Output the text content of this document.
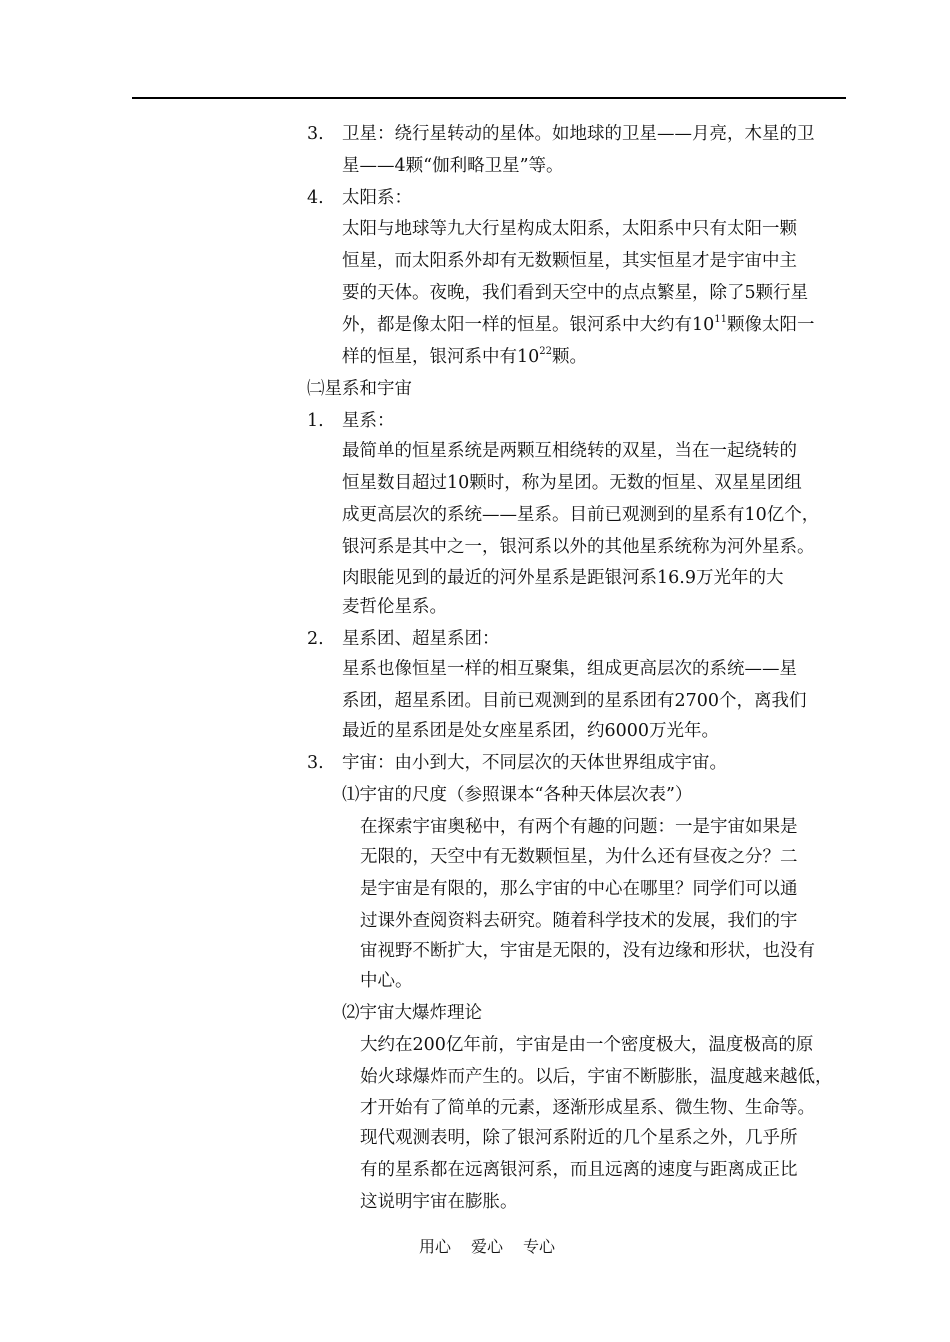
3. 卫星：绕行星转动的星体。如地球的卫星——月亮，木星的卫
星——4颗“伽利略卫星”等。
4. 太阳系：
太阳与地球等九大行星构成太阳系，太阳系中只有太阳一颗
恒星，而太阳系外却有无数颗恒星，其实恒星才是宇宙中主
要的天体。夜晚，我们看到天空中的点点繁星，除了5颗行星
外，都是像太阳一样的恒星。银河系中大约有$10^{11}$颗像太阳一
样的恒星，银河系中有$10^{22}$颗。
㈡星系和宇宙
1. 星系：
最简单的恒星系统是两颗互相绕转的双星，当在一起绕转的
恒星数目超过10颗时，称为星团。无数的恒星、双星星团组
成更高层次的系统——星系。目前已观测到的星系有10亿个，
银河系是其中之一，银河系以外的其他星系统称为河外星系。
肉眼能见到的最近的河外星系是距银河系16.9万光年的大
麦哲伦星系。
2. 星系团、超星系团：
星系也像恒星一样的相互聚集，组成更高层次的系统——星
系团，超星系团。目前已观测到的星系团有2700个，离我们
最近的星系团是处女座星系团，约6000万光年。
3. 宇宙：由小到大，不同层次的天体世界组成宇宙。
⑴宇宙的尺度（参照课本“各种天体层次表”）
在探索宇宙奥秘中，有两个有趣的问题：一是宇宙如果是
无限的，天空中有无数颗恒星，为什么还有昼夜之分？二
是宇宙是有限的，那么宇宙的中心在哪里？同学们可以通
过课外查阅资料去研究。随着科学技术的发展，我们的宇
宙视野不断扩大，宇宙是无限的，没有边缘和形状，也没有
中心。
⑵宇宙大爆炸理论
大约在200亿年前，宇宙是由一个密度极大，温度极高的原
始火球爆炸而产生的。以后，宇宙不断膨胀，温度越来越低，
才开始有了简单的元素，逐渐形成星系、微生物、生命等。
现代观测表明，除了银河系附近的几个星系之外，几乎所
有的星系都在远离银河系，而且远离的速度与距离成正比
这说明宇宙在膨胀。
用心 爱心 专心
